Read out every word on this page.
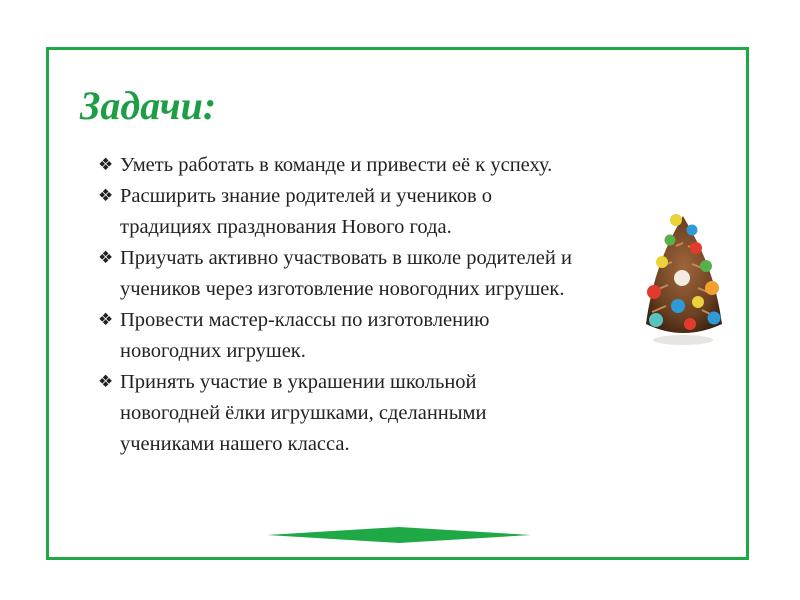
Задачи:
❖ Уметь работать в команде и привести её к успеху.
❖ Расширить знание родителей и учеников о
традициях празднования Нового года.
❖ Приучать активно участвовать в школе родителей и
учеников через изготовление новогодних игрушек.
❖ Провести мастер-классы по изготовлению
новогодних игрушек.
❖ Принять участие в украшении школьной
новогодней ёлки игрушками, сделанными
учениками нашего класса.
